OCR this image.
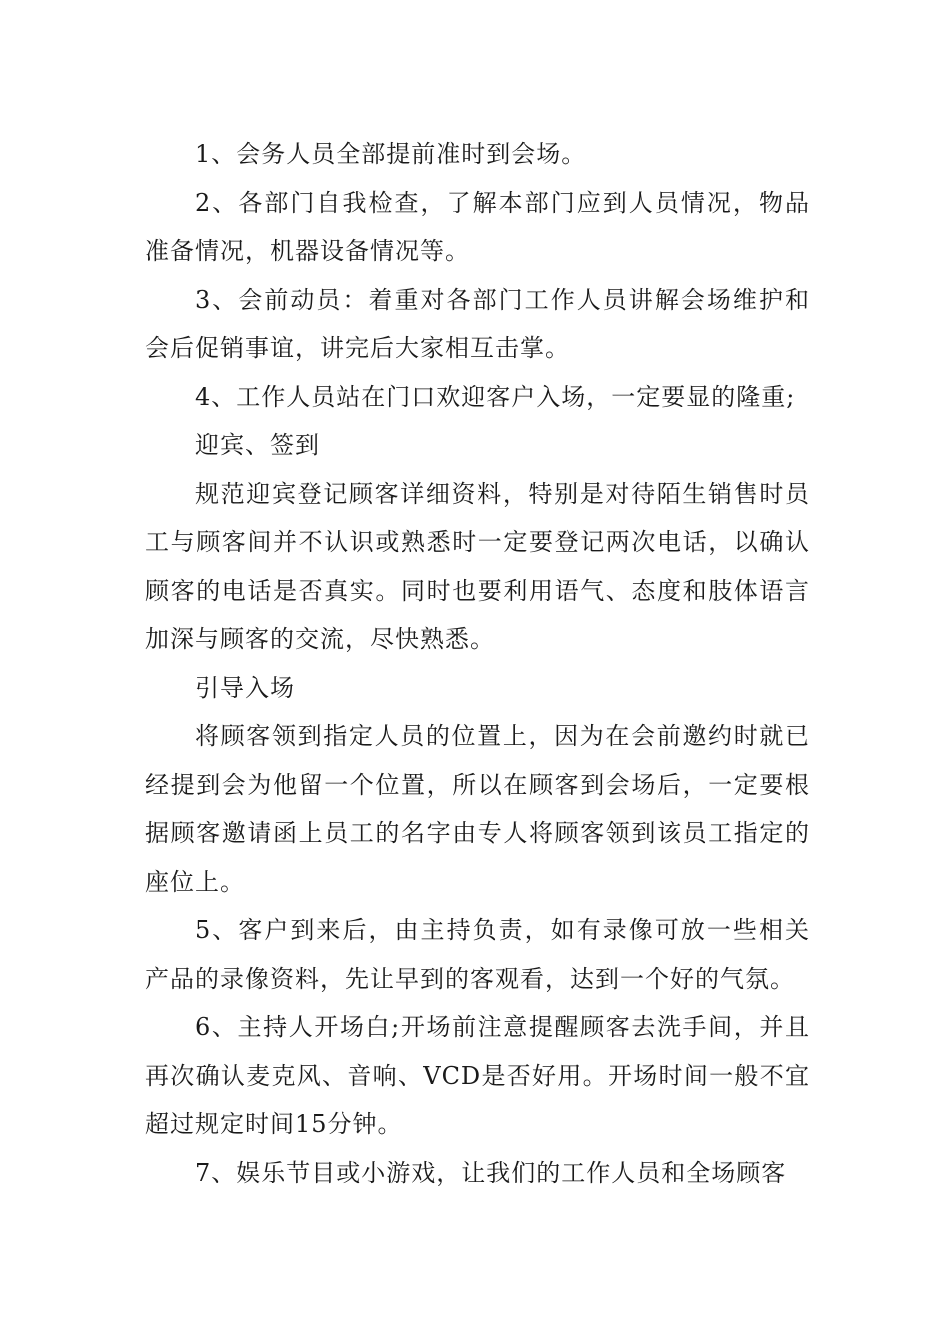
1、会务人员全部提前准时到会场。

2、各部门自我检查，了解本部门应到人员情况，物品准备情况，机器设备情况等。

3、会前动员：着重对各部门工作人员讲解会场维护和会后促销事谊，讲完后大家相互击掌。

4、工作人员站在门口欢迎客户入场，一定要显的隆重;

迎宾、签到

规范迎宾登记顾客详细资料，特别是对待陌生销售时员工与顾客间并不认识或熟悉时一定要登记两次电话，以确认顾客的电话是否真实。同时也要利用语气、态度和肢体语言加深与顾客的交流，尽快熟悉。

引导入场

将顾客领到指定人员的位置上，因为在会前邀约时就已经提到会为他留一个位置，所以在顾客到会场后，一定要根据顾客邀请函上员工的名字由专人将顾客领到该员工指定的座位上。

5、客户到来后，由主持负责，如有录像可放一些相关产品的录像资料，先让早到的客观看，达到一个好的气氛。

6、主持人开场白;开场前注意提醒顾客去洗手间，并且再次确认麦克风、音响、VCD是否好用。开场时间一般不宜超过规定时间15分钟。

7、娱乐节目或小游戏，让我们的工作人员和全场顾客
